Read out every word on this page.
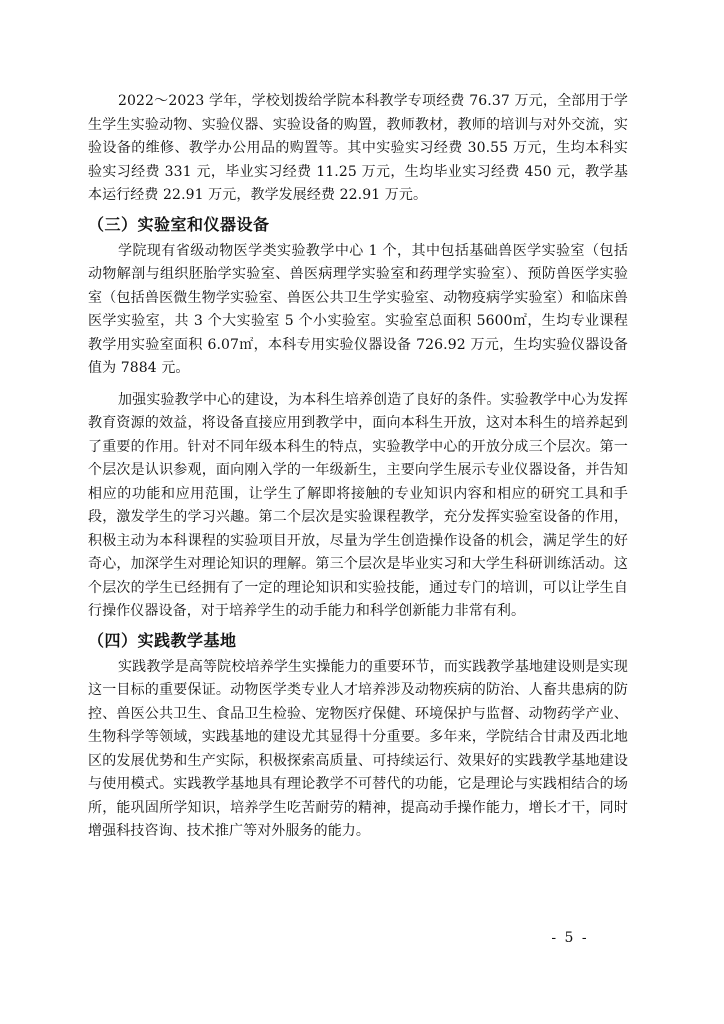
2022～2023 学年，学校划拨给学院本科教学专项经费 76.37 万元，全部用于学生学生实验动物、实验仪器、实验设备的购置，教师教材，教师的培训与对外交流，实验设备的维修、教学办公用品的购置等。其中实验实习经费 30.55 万元，生均本科实验实习经费 331 元，毕业实习经费 11.25 万元，生均毕业实习经费 450 元，教学基本运行经费 22.91 万元，教学发展经费 22.91 万元。

（三）实验室和仪器设备

学院现有省级动物医学类实验教学中心 1 个，其中包括基础兽医学实验室（包括动物解剖与组织胚胎学实验室、兽医病理学实验室和药理学实验室）、预防兽医学实验室（包括兽医微生物学实验室、兽医公共卫生学实验室、动物疫病学实验室）和临床兽医学实验室，共 3 个大实验室 5 个小实验室。实验室总面积 5600㎡，生均专业课程教学用实验室面积 6.07㎡，本科专用实验仪器设备 726.92 万元，生均实验仪器设备值为 7884 元。

加强实验教学中心的建设，为本科生培养创造了良好的条件。实验教学中心为发挥教育资源的效益，将设备直接应用到教学中，面向本科生开放，这对本科生的培养起到了重要的作用。针对不同年级本科生的特点，实验教学中心的开放分成三个层次。第一个层次是认识参观，面向刚入学的一年级新生，主要向学生展示专业仪器设备，并告知相应的功能和应用范围，让学生了解即将接触的专业知识内容和相应的研究工具和手段，激发学生的学习兴趣。第二个层次是实验课程教学，充分发挥实验室设备的作用，积极主动为本科课程的实验项目开放，尽量为学生创造操作设备的机会，满足学生的好奇心，加深学生对理论知识的理解。第三个层次是毕业实习和大学生科研训练活动。这个层次的学生已经拥有了一定的理论知识和实验技能，通过专门的培训，可以让学生自行操作仪器设备，对于培养学生的动手能力和科学创新能力非常有利。

（四）实践教学基地

实践教学是高等院校培养学生实操能力的重要环节，而实践教学基地建设则是实现这一目标的重要保证。动物医学类专业人才培养涉及动物疾病的防治、人畜共患病的防控、兽医公共卫生、食品卫生检验、宠物医疗保健、环境保护与监督、动物药学产业、生物科学等领域，实践基地的建设尤其显得十分重要。多年来，学院结合甘肃及西北地区的发展优势和生产实际，积极探索高质量、可持续运行、效果好的实践教学基地建设与使用模式。实践教学基地具有理论教学不可替代的功能，它是理论与实践相结合的场所，能巩固所学知识，培养学生吃苦耐劳的精神，提高动手操作能力，增长才干，同时增强科技咨询、技术推广等对外服务的能力。

- 5 -
